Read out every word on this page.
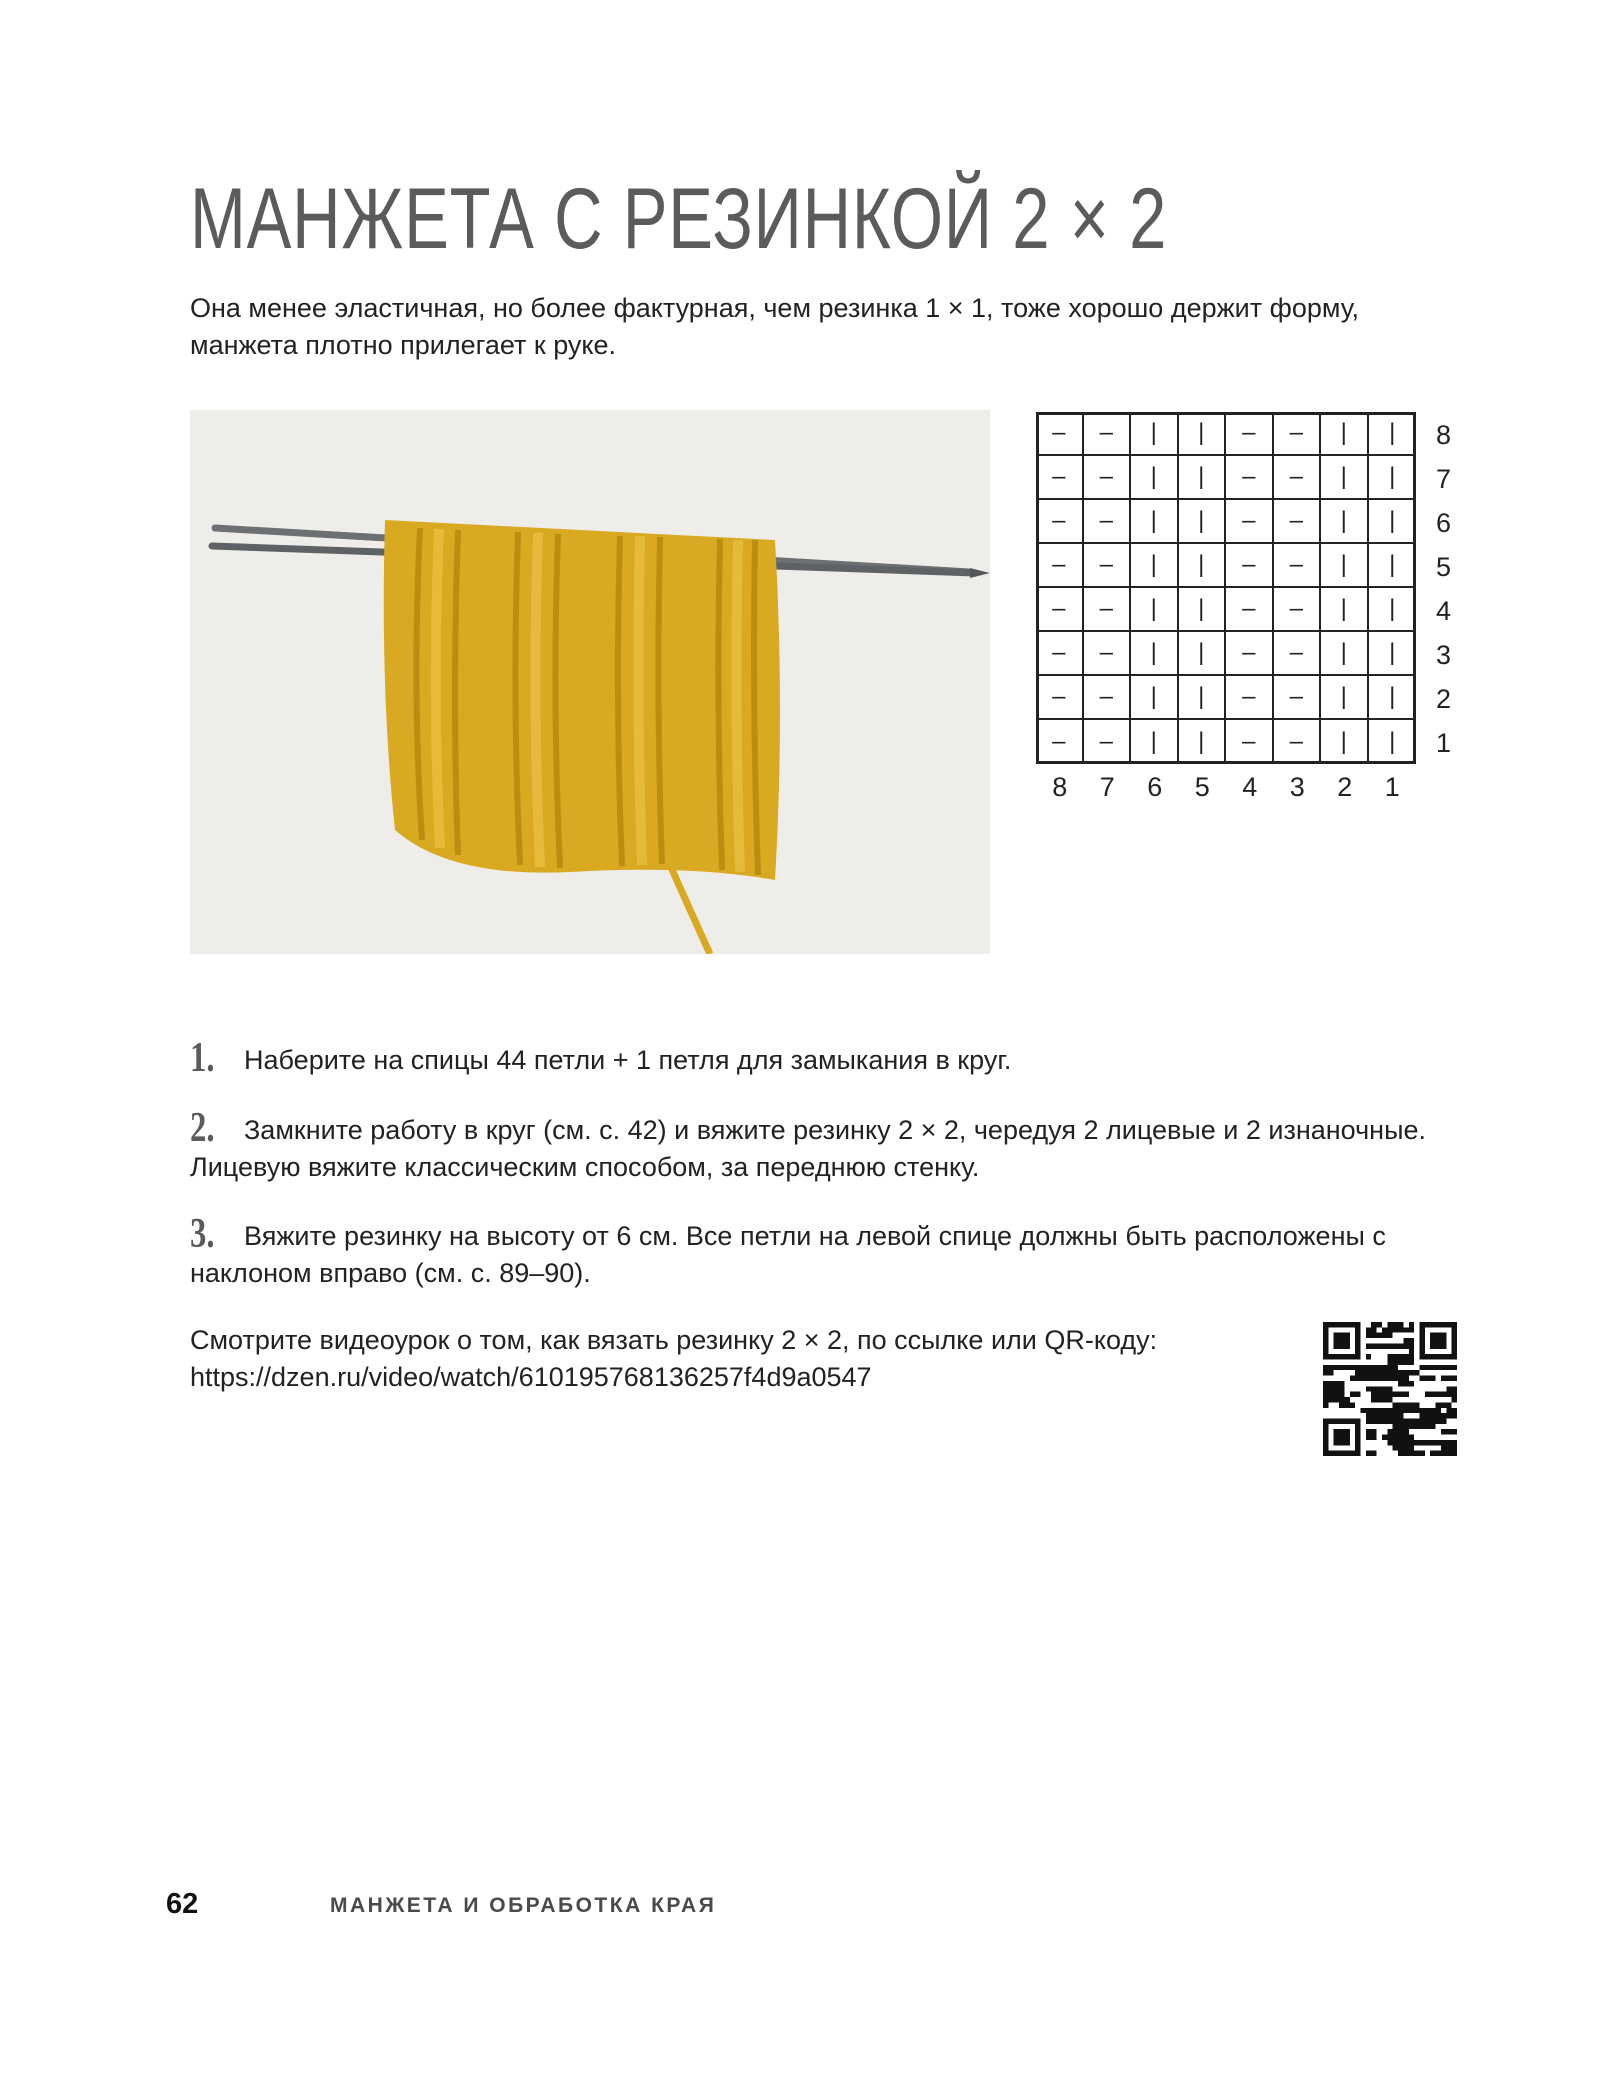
МАНЖЕТА С РЕЗИНКОЙ 2 × 2
Она менее эластичная, но более фактурная, чем резинка 1 × 1, тоже хорошо держит форму, манжета плотно прилегает к руке.
–	–	|	|	–	–	|	|
–	–	|	|	–	–	|	|
–	–	|	|	–	–	|	|
–	–	|	|	–	–	|	|
–	–	|	|	–	–	|	|
–	–	|	|	–	–	|	|
–	–	|	|	–	–	|	|
–	–	|	|	–	–	|	|
8
7
6
5
4
3
2
1
8	7	6	5	4	3	2	1
1. Наберите на спицы 44 петли + 1 петля для замыкания в круг.
2. Замкните работу в круг (см. с. 42) и вяжите резинку 2 × 2, чередуя 2 лицевые и 2 изнаночные. Лицевую вяжите классическим способом, за переднюю стенку.
3. Вяжите резинку на высоту от 6 см. Все петли на левой спице должны быть расположены с наклоном вправо (см. с. 89–90).
Смотрите видеоурок о том, как вязать резинку 2 × 2, по ссылке или QR-коду:
https://dzen.ru/video/watch/610195768136257f4d9a0547
62	МАНЖЕТА И ОБРАБОТКА КРАЯ
